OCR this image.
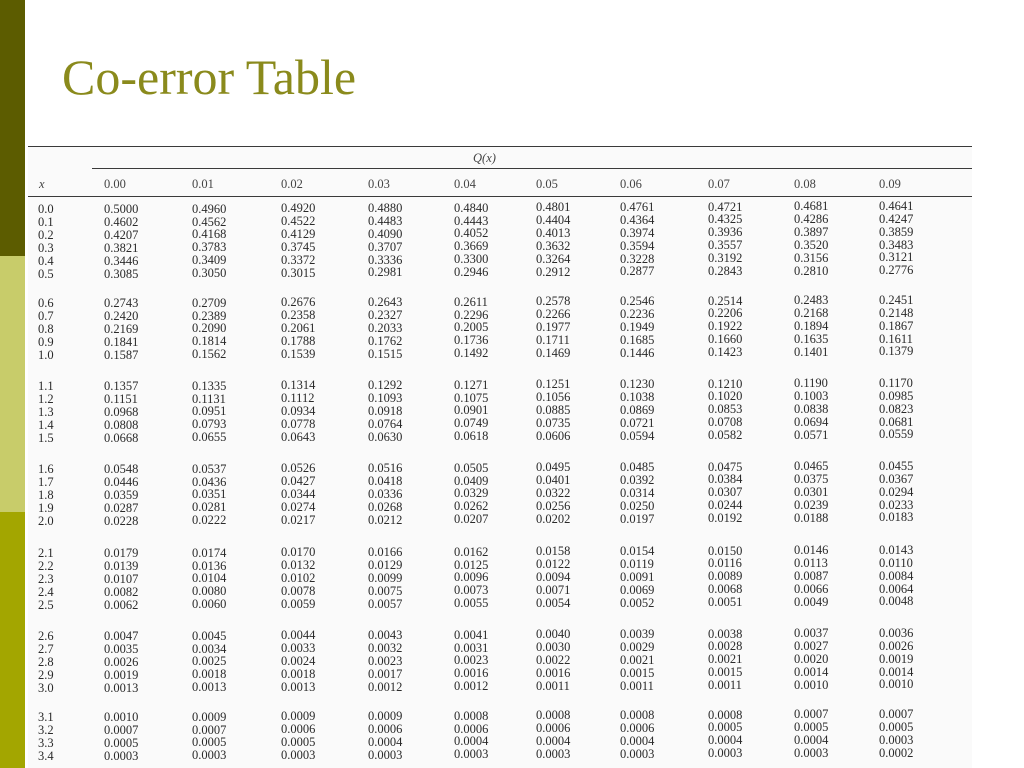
Co-error Table
Q(x)
x	0.00	0.01	0.02	0.03	0.04	0.05	0.06	0.07	0.08	0.09
0.0	0.5000	0.4960	0.4920	0.4880	0.4840	0.4801	0.4761	0.4721	0.4681	0.4641
0.1	0.4602	0.4562	0.4522	0.4483	0.4443	0.4404	0.4364	0.4325	0.4286	0.4247
0.2	0.4207	0.4168	0.4129	0.4090	0.4052	0.4013	0.3974	0.3936	0.3897	0.3859
0.3	0.3821	0.3783	0.3745	0.3707	0.3669	0.3632	0.3594	0.3557	0.3520	0.3483
0.4	0.3446	0.3409	0.3372	0.3336	0.3300	0.3264	0.3228	0.3192	0.3156	0.3121
0.5	0.3085	0.3050	0.3015	0.2981	0.2946	0.2912	0.2877	0.2843	0.2810	0.2776
0.6	0.2743	0.2709	0.2676	0.2643	0.2611	0.2578	0.2546	0.2514	0.2483	0.2451
0.7	0.2420	0.2389	0.2358	0.2327	0.2296	0.2266	0.2236	0.2206	0.2168	0.2148
0.8	0.2169	0.2090	0.2061	0.2033	0.2005	0.1977	0.1949	0.1922	0.1894	0.1867
0.9	0.1841	0.1814	0.1788	0.1762	0.1736	0.1711	0.1685	0.1660	0.1635	0.1611
1.0	0.1587	0.1562	0.1539	0.1515	0.1492	0.1469	0.1446	0.1423	0.1401	0.1379
1.1	0.1357	0.1335	0.1314	0.1292	0.1271	0.1251	0.1230	0.1210	0.1190	0.1170
1.2	0.1151	0.1131	0.1112	0.1093	0.1075	0.1056	0.1038	0.1020	0.1003	0.0985
1.3	0.0968	0.0951	0.0934	0.0918	0.0901	0.0885	0.0869	0.0853	0.0838	0.0823
1.4	0.0808	0.0793	0.0778	0.0764	0.0749	0.0735	0.0721	0.0708	0.0694	0.0681
1.5	0.0668	0.0655	0.0643	0.0630	0.0618	0.0606	0.0594	0.0582	0.0571	0.0559
1.6	0.0548	0.0537	0.0526	0.0516	0.0505	0.0495	0.0485	0.0475	0.0465	0.0455
1.7	0.0446	0.0436	0.0427	0.0418	0.0409	0.0401	0.0392	0.0384	0.0375	0.0367
1.8	0.0359	0.0351	0.0344	0.0336	0.0329	0.0322	0.0314	0.0307	0.0301	0.0294
1.9	0.0287	0.0281	0.0274	0.0268	0.0262	0.0256	0.0250	0.0244	0.0239	0.0233
2.0	0.0228	0.0222	0.0217	0.0212	0.0207	0.0202	0.0197	0.0192	0.0188	0.0183
2.1	0.0179	0.0174	0.0170	0.0166	0.0162	0.0158	0.0154	0.0150	0.0146	0.0143
2.2	0.0139	0.0136	0.0132	0.0129	0.0125	0.0122	0.0119	0.0116	0.0113	0.0110
2.3	0.0107	0.0104	0.0102	0.0099	0.0096	0.0094	0.0091	0.0089	0.0087	0.0084
2.4	0.0082	0.0080	0.0078	0.0075	0.0073	0.0071	0.0069	0.0068	0.0066	0.0064
2.5	0.0062	0.0060	0.0059	0.0057	0.0055	0.0054	0.0052	0.0051	0.0049	0.0048
2.6	0.0047	0.0045	0.0044	0.0043	0.0041	0.0040	0.0039	0.0038	0.0037	0.0036
2.7	0.0035	0.0034	0.0033	0.0032	0.0031	0.0030	0.0029	0.0028	0.0027	0.0026
2.8	0.0026	0.0025	0.0024	0.0023	0.0023	0.0022	0.0021	0.0021	0.0020	0.0019
2.9	0.0019	0.0018	0.0018	0.0017	0.0016	0.0016	0.0015	0.0015	0.0014	0.0014
3.0	0.0013	0.0013	0.0013	0.0012	0.0012	0.0011	0.0011	0.0011	0.0010	0.0010
3.1	0.0010	0.0009	0.0009	0.0009	0.0008	0.0008	0.0008	0.0008	0.0007	0.0007
3.2	0.0007	0.0007	0.0006	0.0006	0.0006	0.0006	0.0006	0.0005	0.0005	0.0005
3.3	0.0005	0.0005	0.0005	0.0004	0.0004	0.0004	0.0004	0.0004	0.0004	0.0003
3.4	0.0003	0.0003	0.0003	0.0003	0.0003	0.0003	0.0003	0.0003	0.0003	0.0002
